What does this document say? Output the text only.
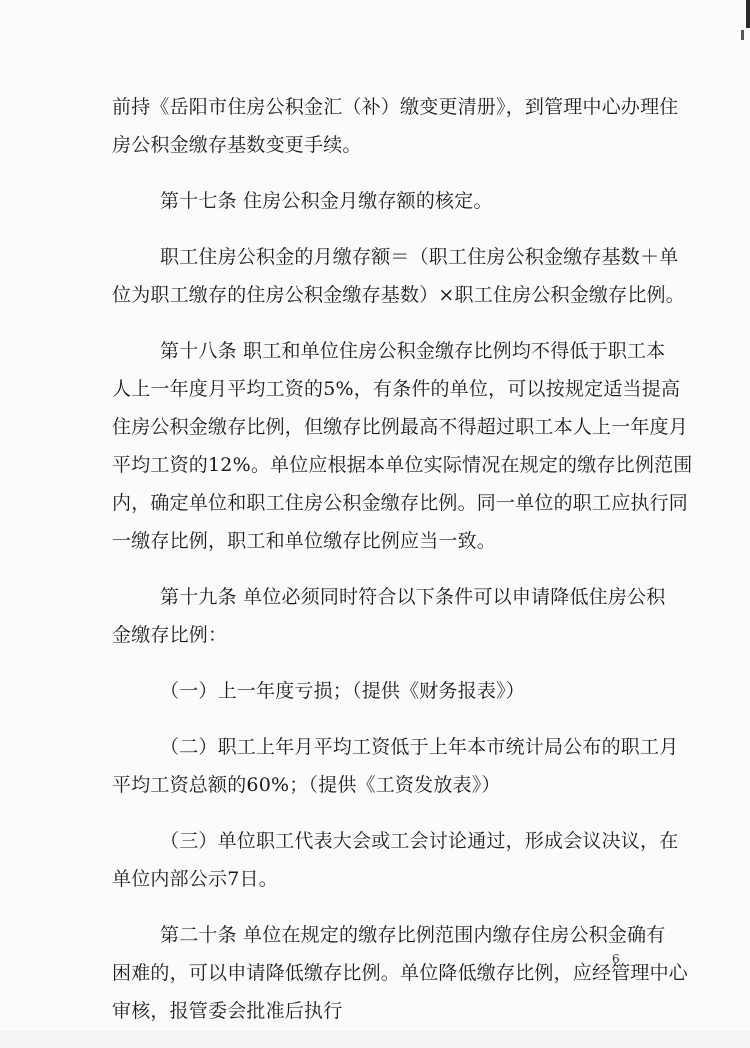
前持《岳阳市住房公积金汇（补）缴变更清册》，到管理中心办理住
房公积金缴存基数变更手续。

第十七条 住房公积金月缴存额的核定。

职工住房公积金的月缴存额＝（职工住房公积金缴存基数＋单
位为职工缴存的住房公积金缴存基数）×职工住房公积金缴存比例。

第十八条 职工和单位住房公积金缴存比例均不得低于职工本
人上一年度月平均工资的5%，有条件的单位，可以按规定适当提高
住房公积金缴存比例，但缴存比例最高不得超过职工本人上一年度月
平均工资的12%。单位应根据本单位实际情况在规定的缴存比例范围
内，确定单位和职工住房公积金缴存比例。同一单位的职工应执行同
一缴存比例，职工和单位缴存比例应当一致。

第十九条 单位必须同时符合以下条件可以申请降低住房公积
金缴存比例：

（一）上一年度亏损；（提供《财务报表》）

（二）职工上年月平均工资低于上年本市统计局公布的职工月
平均工资总额的60%；（提供《工资发放表》）

（三）单位职工代表大会或工会讨论通过，形成会议决议，在
单位内部公示7日。

第二十条 单位在规定的缴存比例范围内缴存住房公积金确有
困难的，可以申请降低缴存比例。单位降低缴存比例，应经管理中心
审核，报管委会批准后执行

6
